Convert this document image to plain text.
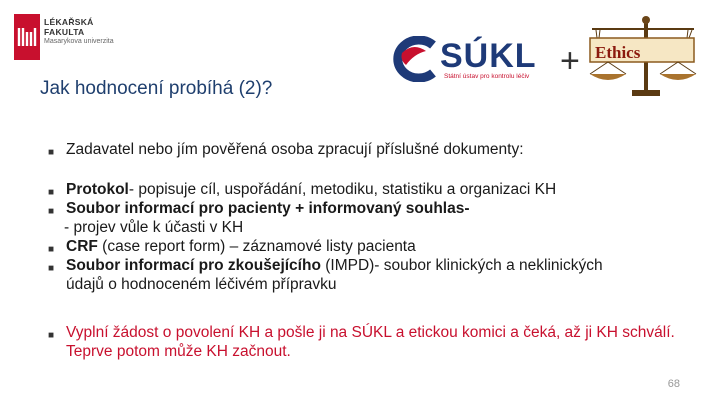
LÉKAŘSKÁ
FAKULTA
Masarykova univerzita
Jak hodnocení probíhá (2)?
SÚKL
Státní ústav pro kontrolu léčiv + Ethics
■ Zadavatel nebo jím pověřená osoba zpracují příslušné dokumenty:
■ Protokol- popisuje cíl, uspořádání, metodiku, statistiku a organizaci KH
■ Soubor informací pro pacienty + informovaný souhlas-
- projev vůle k účasti v KH
■ CRF (case report form) – záznamové listy pacienta
■ Soubor informací pro zkoušejícího (IMPD)- soubor klinických a neklinických údajů o hodnoceném léčivém přípravku
■ Vyplní žádost o povolení KH a pošle ji na SÚKL a etickou komici a čeká, až ji KH schválí. Teprve potom může KH začnout.
68
